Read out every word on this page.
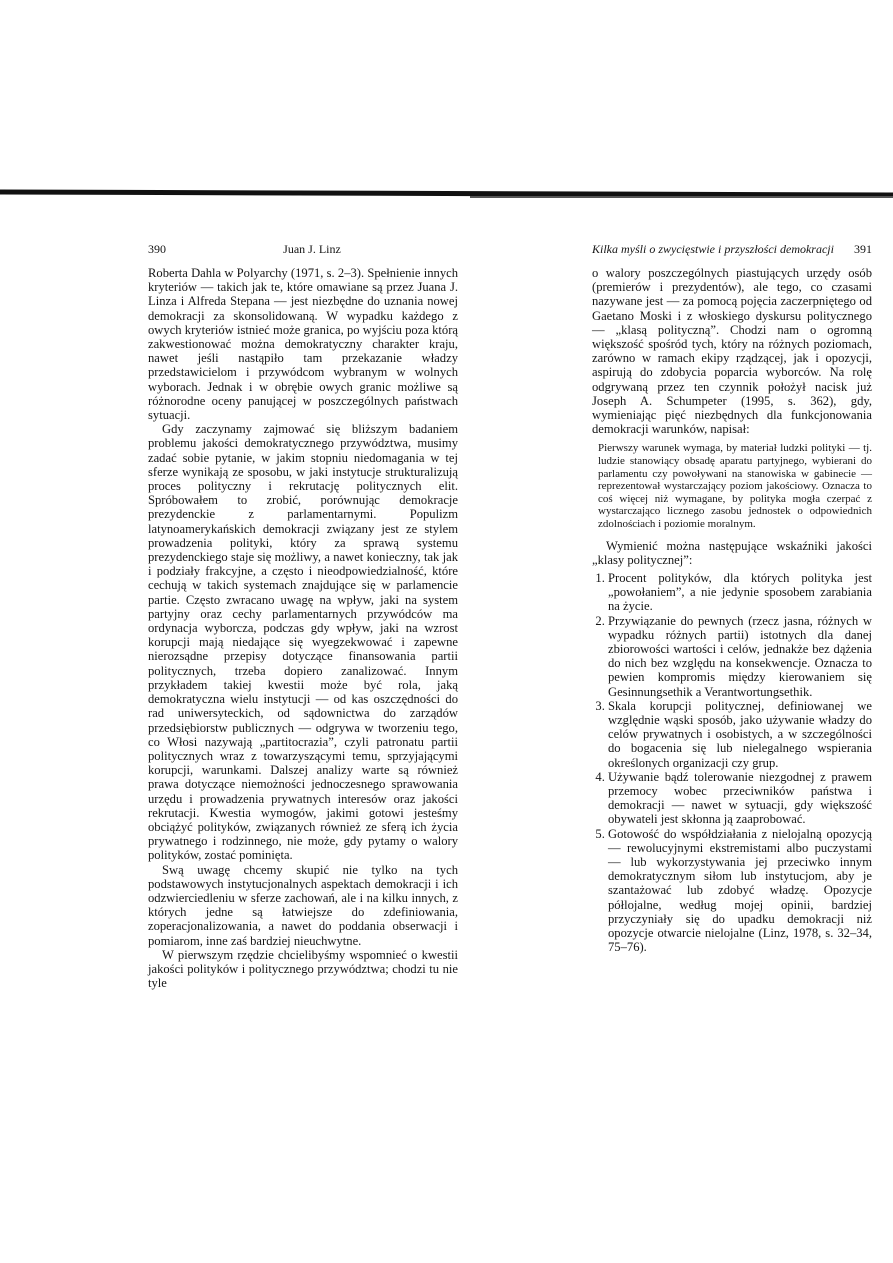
390	Juan J. Linz

Roberta Dahla w Polyarchy (1971, s. 2–3). Spełnienie innych kryteriów — takich jak te, które omawiane są przez Juana J. Linza i Alfreda Stepana — jest niezbędne do uznania nowej demokracji za skonsolidowaną. W wypadku każdego z owych kryteriów istnieć może granica, po wyjściu poza którą zakwestionować można demokratyczny charakter kraju, nawet jeśli nastąpiło tam przekazanie władzy przedstawicielom i przywódcom wybranym w wolnych wyborach. Jednak i w obrębie owych granic możliwe są różnorodne oceny panującej w poszczególnych państwach sytuacji.

Gdy zaczynamy zajmować się bliższym badaniem problemu jakości demokratycznego przywództwa, musimy zadać sobie pytanie, w jakim stopniu niedomagania w tej sferze wynikają ze sposobu, w jaki instytucje strukturalizują proces polityczny i rekrutację politycznych elit. Spróbowałem to zrobić, porównując demokracje prezydenckie z parlamentarnymi. Populizm latynoamerykańskich demokracji związany jest ze stylem prowadzenia polityki, który za sprawą systemu prezydenckiego staje się możliwy, a nawet konieczny, tak jak i podziały frakcyjne, a często i nieodpowiedzialność, które cechują w takich systemach znajdujące się w parlamencie partie. Często zwracano uwagę na wpływ, jaki na system partyjny oraz cechy parlamentarnych przywódców ma ordynacja wyborcza, podczas gdy wpływ, jaki na wzrost korupcji mają niedające się wyegzekwować i zapewne nierozsądne przepisy dotyczące finansowania partii politycznych, trzeba dopiero zanalizować. Innym przykładem takiej kwestii może być rola, jaką demokratyczna wielu instytucji — od kas oszczędności do rad uniwersyteckich, od sądownictwa do zarządów przedsiębiorstw publicznych — odgrywa w tworzeniu tego, co Włosi nazywają „partitocrazia”, czyli patronatu partii politycznych wraz z towarzyszącymi temu, sprzyjającymi korupcji, warunkami. Dalszej analizy warte są również prawa dotyczące niemożności jednoczesnego sprawowania urzędu i prowadzenia prywatnych interesów oraz jakości rekrutacji. Kwestia wymogów, jakimi gotowi jesteśmy obciążyć polityków, związanych również ze sferą ich życia prywatnego i rodzinnego, nie może, gdy pytamy o walory polityków, zostać pominięta.

Swą uwagę chcemy skupić nie tylko na tych podstawowych instytucjonalnych aspektach demokracji i ich odzwierciedleniu w sferze zachowań, ale i na kilku innych, z których jedne są łatwiejsze do zdefiniowania, zoperacjonalizowania, a nawet do poddania obserwacji i pomiarom, inne zaś bardziej nieuchwytne.

W pierwszym rzędzie chcielibyśmy wspomnieć o kwestii jakości polityków i politycznego przywództwa; chodzi tu nie tyle

Kilka myśli o zwycięstwie i przyszłości demokracji 391

o walory poszczególnych piastujących urzędy osób (premierów i prezydentów), ale tego, co czasami nazywane jest — za pomocą pojęcia zaczerpniętego od Gaetano Moski i z włoskiego dyskursu politycznego — „klasą polityczną”. Chodzi nam o ogromną większość spośród tych, który na różnych poziomach, zarówno w ramach ekipy rządzącej, jak i opozycji, aspirują do zdobycia poparcia wyborców. Na rolę odgrywaną przez ten czynnik położył nacisk już Joseph A. Schumpeter (1995, s. 362), gdy, wymieniając pięć niezbędnych dla funkcjonowania demokracji warunków, napisał:

Pierwszy warunek wymaga, by materiał ludzki polityki — tj. ludzie stanowiący obsadę aparatu partyjnego, wybierani do parlamentu czy powoływani na stanowiska w gabinecie — reprezentował wystarczający poziom jakościowy. Oznacza to coś więcej niż wymagane, by polityka mogła czerpać z wystarczająco licznego zasobu jednostek o odpowiednich zdolnościach i poziomie moralnym.

Wymienić można następujące wskaźniki jakości „klasy politycznej”:

1. Procent polityków, dla których polityka jest „powołaniem”, a nie jedynie sposobem zarabiania na życie.
2. Przywiązanie do pewnych (rzecz jasna, różnych w wypadku różnych partii) istotnych dla danej zbiorowości wartości i celów, jednakże bez dążenia do nich bez względu na konsekwencje. Oznacza to pewien kompromis między kierowaniem się Gesinnungsethik a Verantwortungsethik.
3. Skala korupcji politycznej, definiowanej we względnie wąski sposób, jako używanie władzy do celów prywatnych i osobistych, a w szczególności do bogacenia się lub nielegalnego wspierania określonych organizacji czy grup.
4. Używanie bądź tolerowanie niezgodnej z prawem przemocy wobec przeciwników państwa i demokracji — nawet w sytuacji, gdy większość obywateli jest skłonna ją zaaprobować.
5. Gotowość do współdziałania z nielojalną opozycją — rewolucyjnymi ekstremistami albo puczystami — lub wykorzystywania jej przeciwko innym demokratycznym siłom lub instytucjom, aby je szantażować lub zdobyć władzę. Opozycje półlojalne, według mojej opinii, bardziej przyczyniały się do upadku demokracji niż opozycje otwarcie nielojalne (Linz, 1978, s. 32–34, 75–76).
